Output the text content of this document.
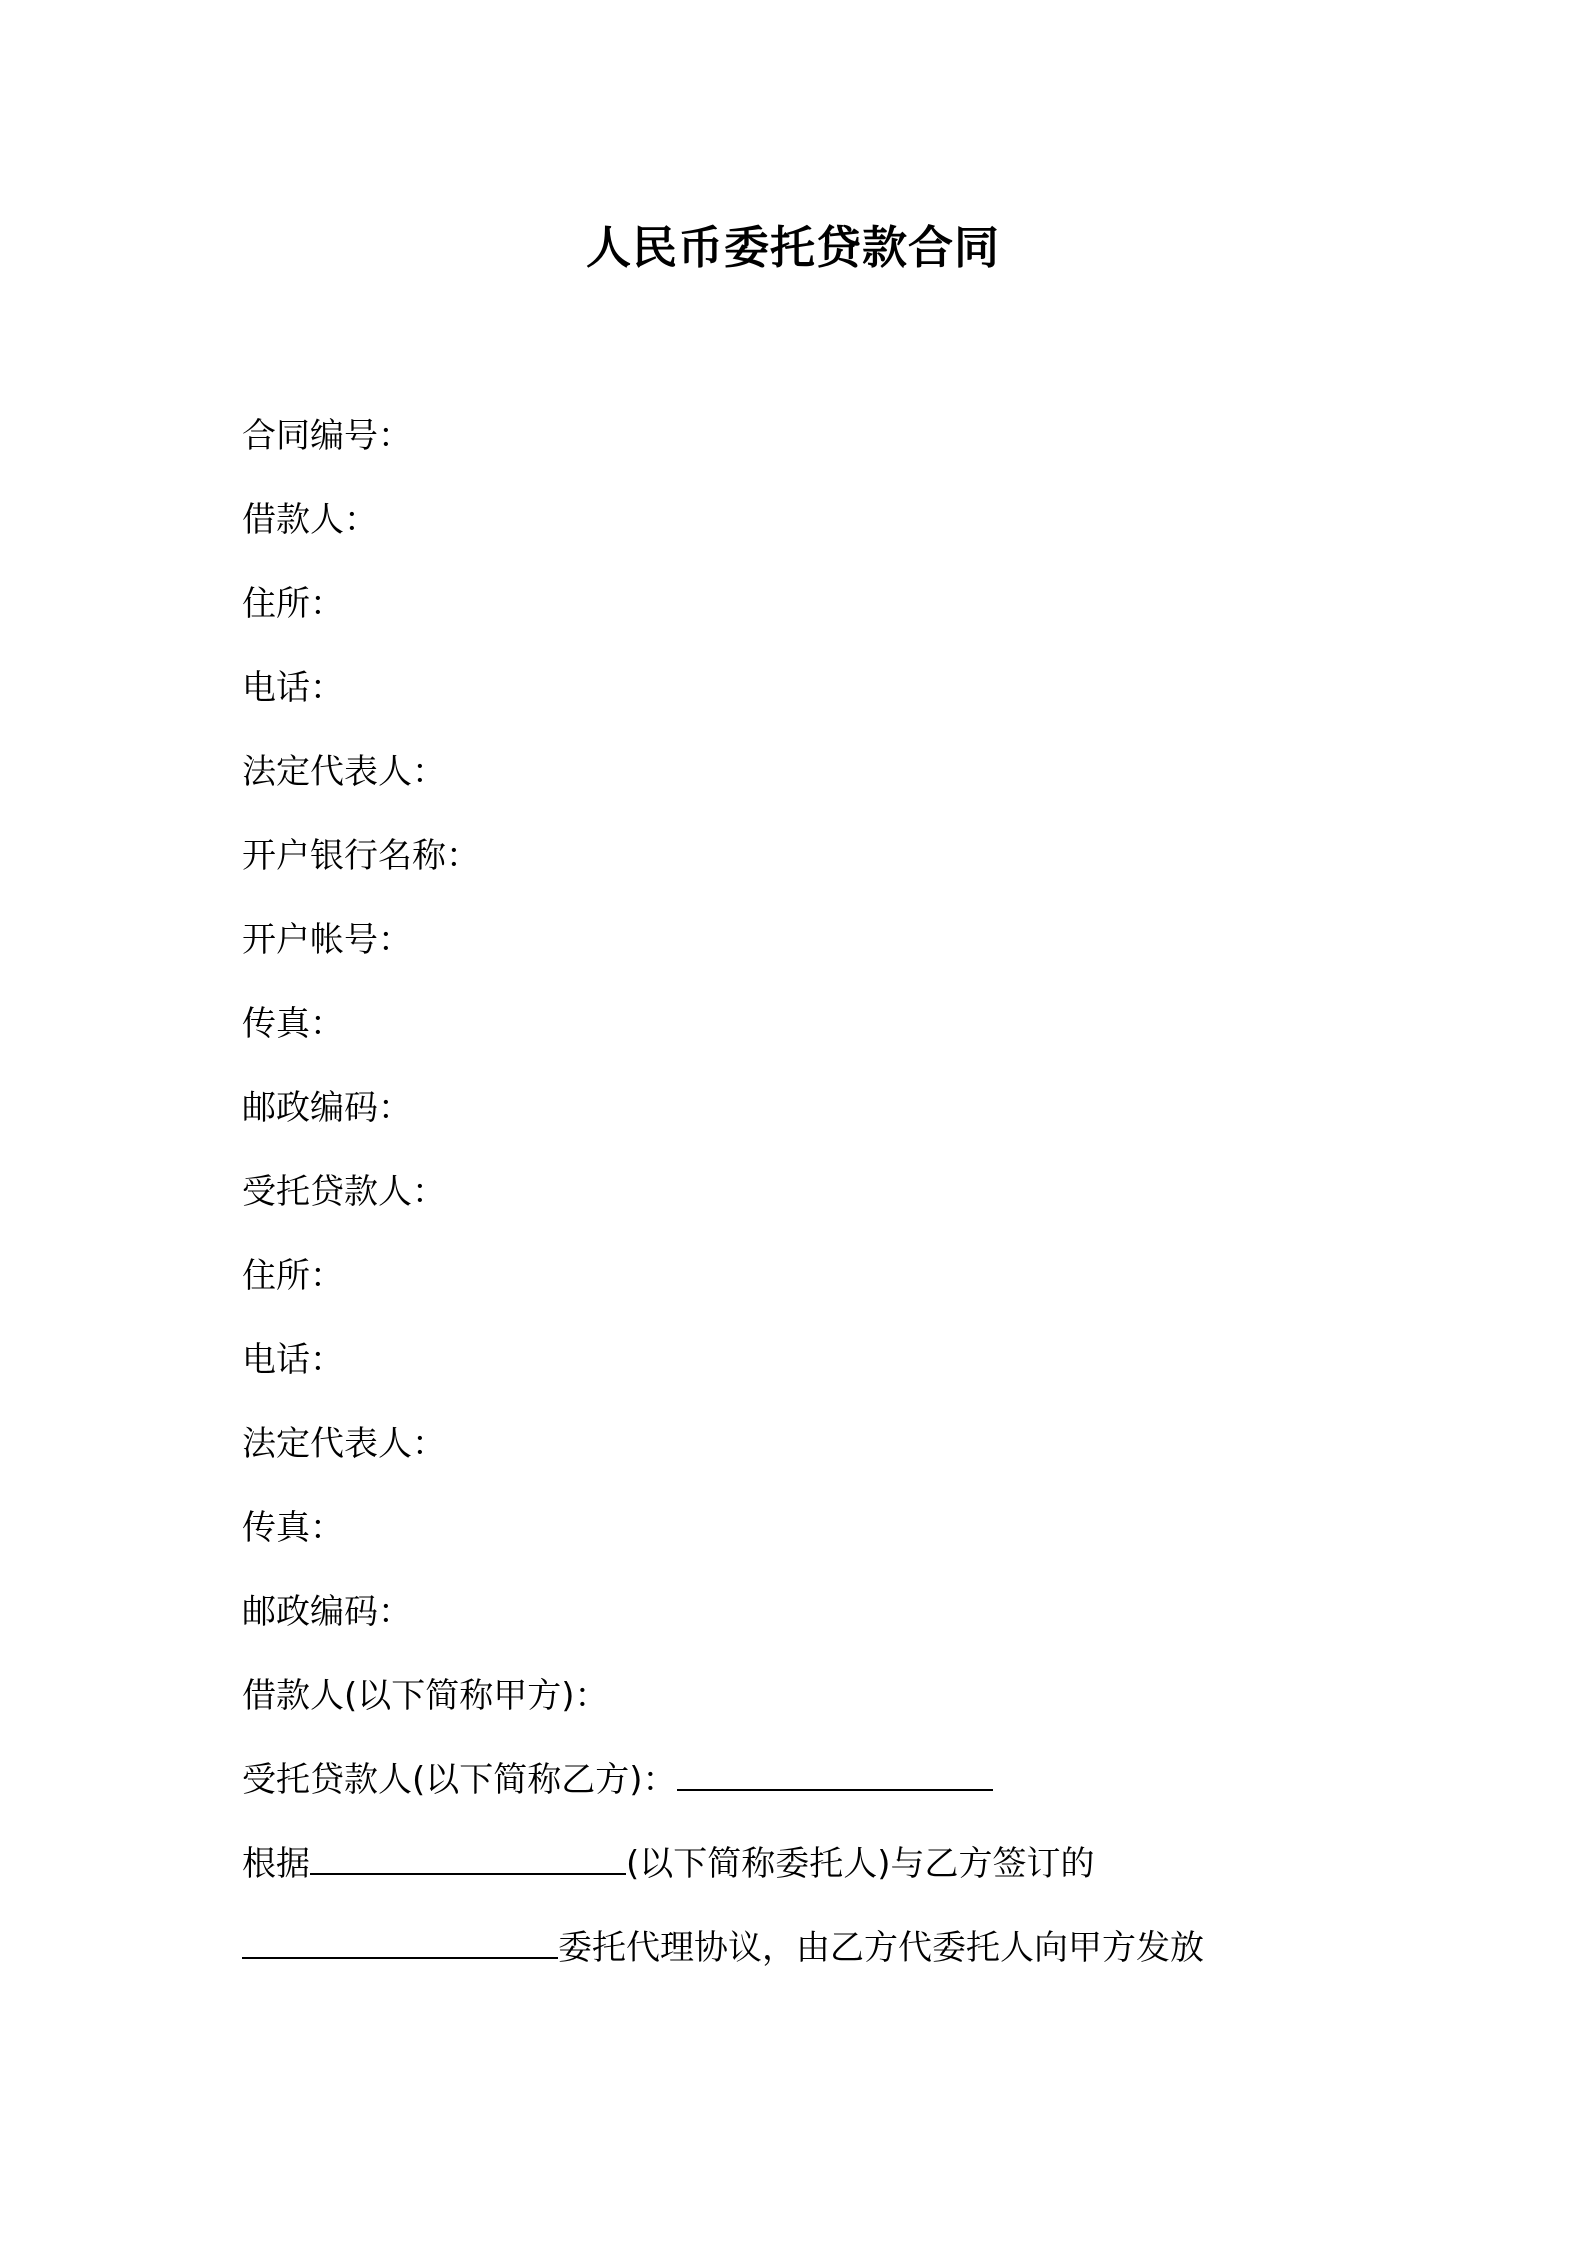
人民币委托贷款合同
合同编号：
借款人：
住所：
电话：
法定代表人：
开户银行名称：
开户帐号：
传真：
邮政编码：
受托贷款人：
住所：
电话：
法定代表人：
传真：
邮政编码：
借款人(以下简称甲方)：
受托贷款人(以下简称乙方)：
根据	(以下简称委托人)与乙方签订的
委托代理协议，由乙方代委托人向甲方发放
